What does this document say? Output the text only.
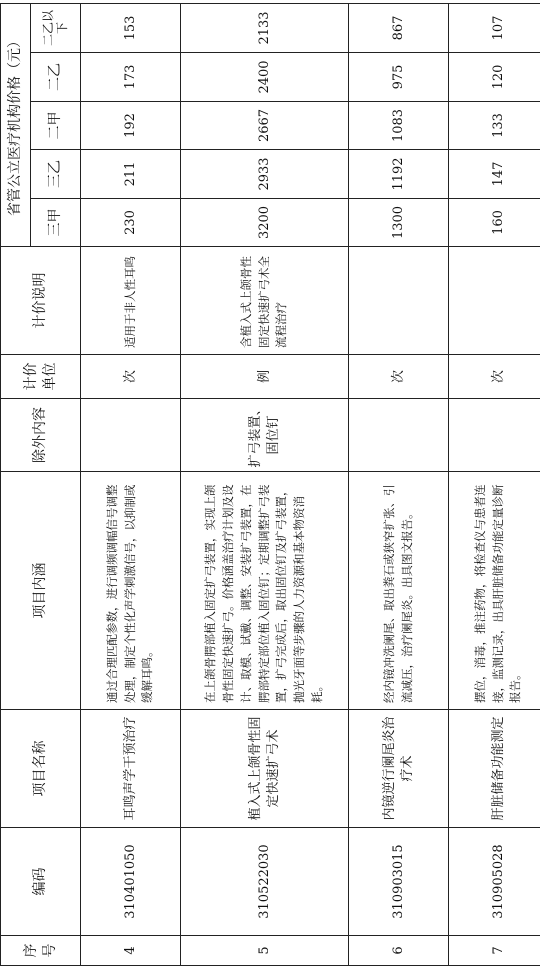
序号	编码	项目名称	项目内涵	除外内容	计价单位	计价说明	省管公立医疗机构价格（元）				
							三甲	三乙	二甲	二乙	二乙以下
4	310401050	耳鸣声学干预治疗	通过合理匹配参数，进行调频调幅信号调整处理，制定个性化声学刺激信号，以抑制或缓解耳鸣。		次	适用于非人性耳鸣	230	211	192	173	153
5	310522030	植入式上颌骨性固定快速扩弓术	在上颌骨腭部植入固定扩弓装置，实现上颌骨性固定快速扩弓。价格涵盖治疗计划及设计、取模、试戴、调整、安装扩弓装置，在腭部特定部位植入固位钉；定期调整扩弓装置，扩弓完成后，取出固位钉及扩弓装置，抛光牙面等步骤的人力资源和基本物资消耗。	扩弓装置、固位钉	例	含植入式上颌骨性固定快速扩弓术全流程治疗	3200	2933	2667	2400	2133
6	310903015	内镜逆行阑尾炎治疗术	经内镜冲洗阑尾、取出粪石或狭窄扩张、引流减压，治疗阑尾炎。出具图文报告。		次		1300	1192	1083	975	867
7	310905028	肝脏储备功能测定	摆位，消毒，推注药物，将检查仪与患者连接，监测记录，出具肝脏储备功能定量诊断报告。		次		160	147	133	120	107
